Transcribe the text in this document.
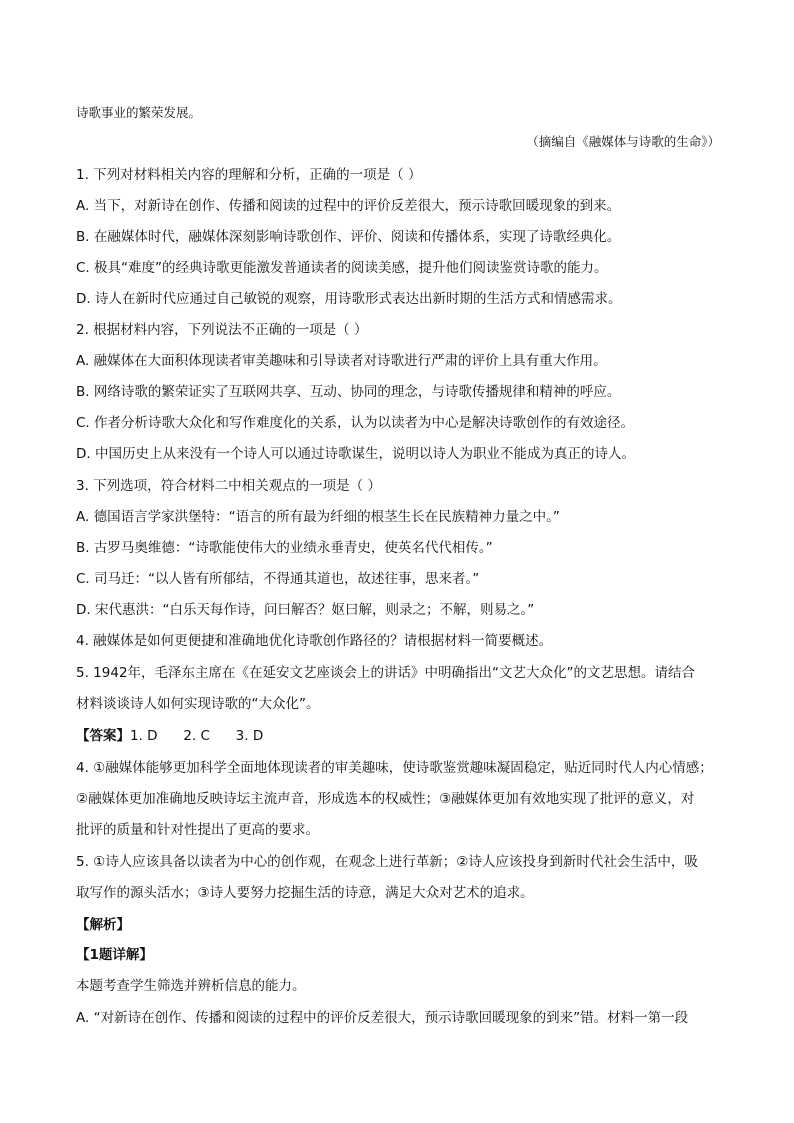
诗歌事业的繁荣发展。
（摘编自《融媒体与诗歌的生命》）
1. 下列对材料相关内容的理解和分析，正确的一项是（ ）
A. 当下，对新诗在创作、传播和阅读的过程中的评价反差很大，预示诗歌回暖现象的到来。
B. 在融媒体时代，融媒体深刻影响诗歌创作、评价、阅读和传播体系，实现了诗歌经典化。
C. 极具“难度”的经典诗歌更能激发普通读者的阅读美感，提升他们阅读鉴赏诗歌的能力。
D. 诗人在新时代应通过自己敏锐的观察，用诗歌形式表达出新时期的生活方式和情感需求。
2. 根据材料内容，下列说法不正确的一项是（ ）
A. 融媒体在大面积体现读者审美趣味和引导读者对诗歌进行严肃的评价上具有重大作用。
B. 网络诗歌的繁荣证实了互联网共享、互动、协同的理念，与诗歌传播规律和精神的呼应。
C. 作者分析诗歌大众化和写作难度化的关系，认为以读者为中心是解决诗歌创作的有效途径。
D. 中国历史上从来没有一个诗人可以通过诗歌谋生，说明以诗人为职业不能成为真正的诗人。
3. 下列选项，符合材料二中相关观点的一项是（ ）
A. 德国语言学家洪堡特：“语言的所有最为纤细的根茎生长在民族精神力量之中。”
B. 古罗马奥维德：“诗歌能使伟大的业绩永垂青史，使英名代代相传。”
C. 司马迁：“以人皆有所郁结，不得通其道也，故述往事，思来者。”
D. 宋代惠洪：“白乐天每作诗，问曰解否？妪曰解，则录之；不解，则易之。”
4. 融媒体是如何更便捷和准确地优化诗歌创作路径的？请根据材料一简要概述。
5. 1942年，毛泽东主席在《在延安文艺座谈会上的讲话》中明确指出“文艺大众化”的文艺思想。请结合
材料谈谈诗人如何实现诗歌的“大众化”。
【答案】1. D      2. C      3. D
4. ①融媒体能够更加科学全面地体现读者的审美趣味，使诗歌鉴赏趣味凝固稳定，贴近同时代人内心情感；
②融媒体更加准确地反映诗坛主流声音，形成选本的权威性；③融媒体更加有效地实现了批评的意义，对
批评的质量和针对性提出了更高的要求。
5. ①诗人应该具备以读者为中心的创作观，在观念上进行革新；②诗人应该投身到新时代社会生活中，吸
取写作的源头活水；③诗人要努力挖掘生活的诗意，满足大众对艺术的追求。
【解析】
【1题详解】
本题考查学生筛选并辨析信息的能力。
A. “对新诗在创作、传播和阅读的过程中的评价反差很大，预示诗歌回暖现象的到来”错。材料一第一段
